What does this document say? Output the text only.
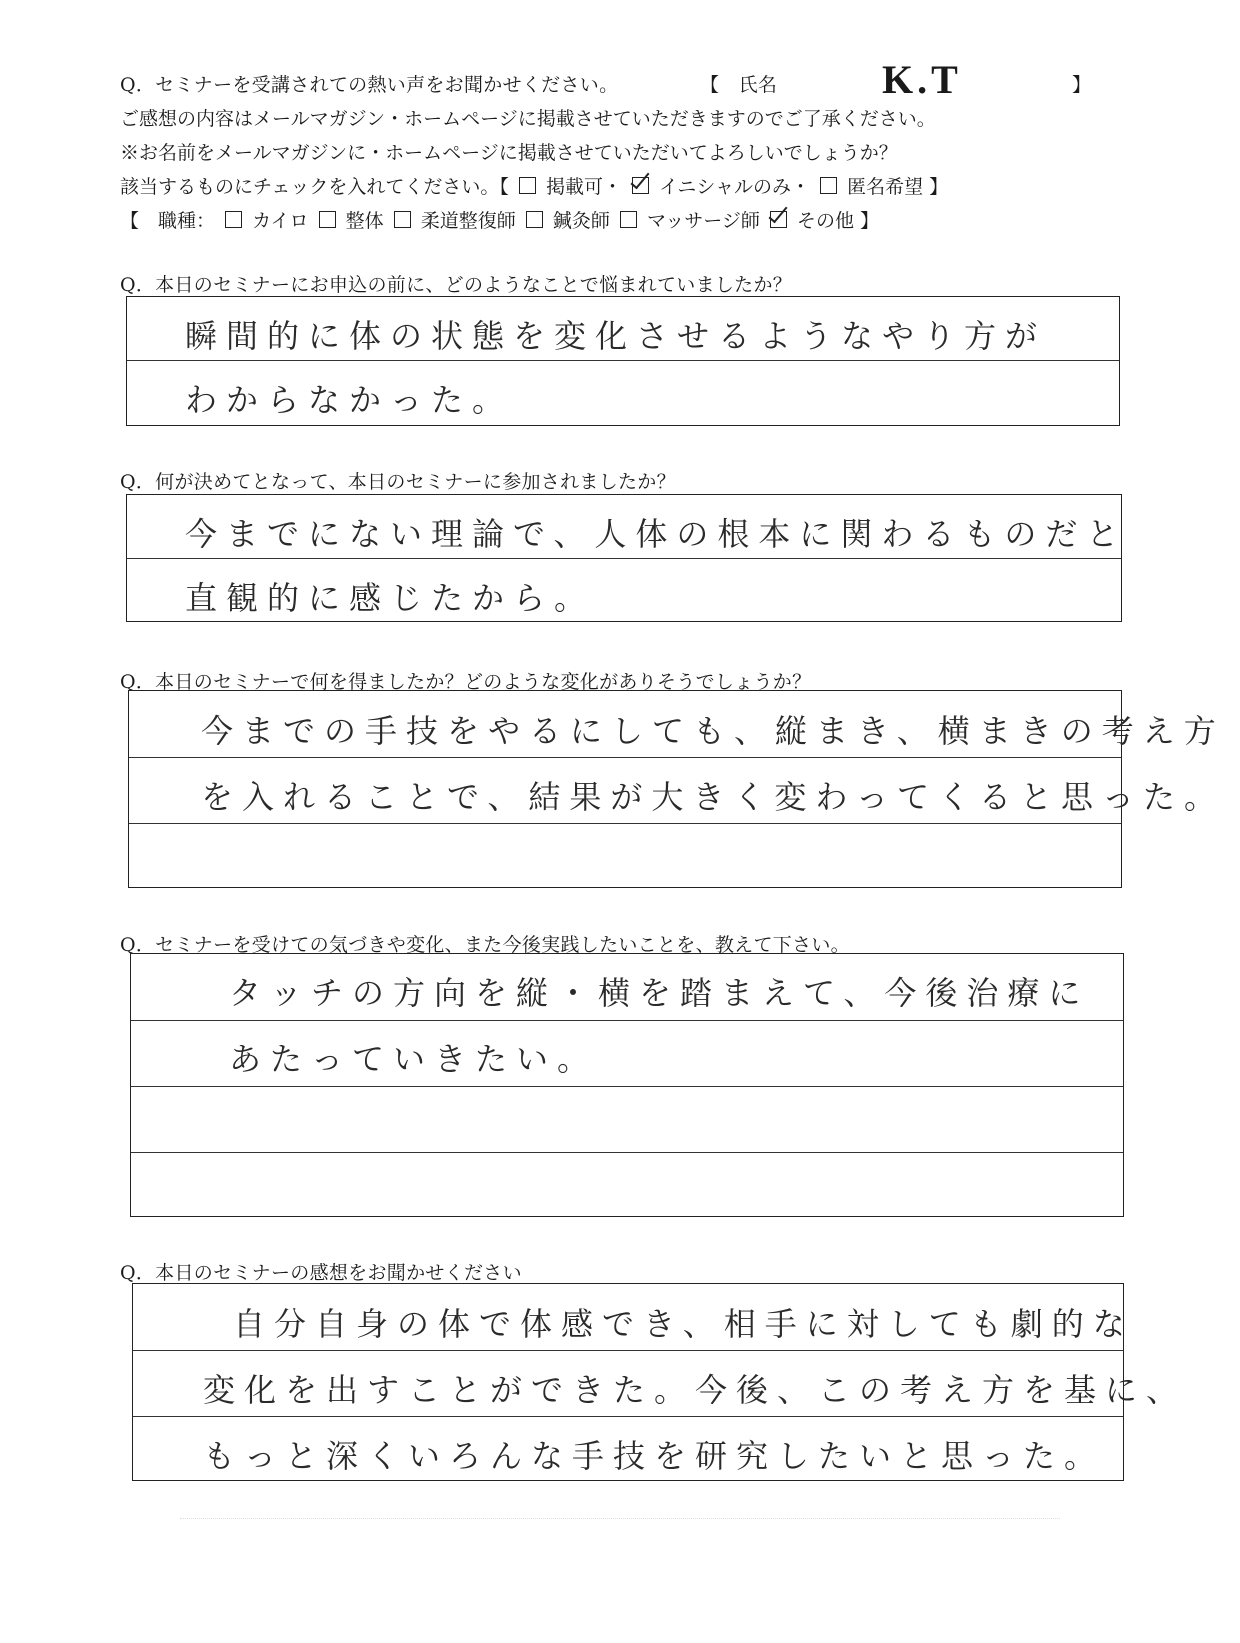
Q．セミナーを受講されての熱い声をお聞かせください。	【　氏名	K.T	】
ご感想の内容はメールマガジン・ホームページに掲載させていただきますのでご了承ください。
※お名前をメールマガジンに・ホームページに掲載させていただいてよろしいでしょうか？
該当するものにチェックを入れてください。【 掲載可・ イニシャルのみ・ 匿名希望 】
【　職種： カイロ 整体 柔道整復師 鍼灸師 マッサージ師 その他 】
Q．本日のセミナーにお申込の前に、どのようなことで悩まれていましたか？
瞬間的に体の状態を変化させるようなやり方が
わからなかった。
Q．何が決めてとなって、本日のセミナーに参加されましたか？
今までにない理論で、人体の根本に関わるものだと
直観的に感じたから。
Q．本日のセミナーで何を得ましたか？どのような変化がありそうでしょうか？
今までの手技をやるにしても、縦まき、横まきの考え方
を入れることで、結果が大きく変わってくると思った。
Q．セミナーを受けての気づきや変化、また今後実践したいことを、教えて下さい。
タッチの方向を縦・横を踏まえて、今後治療に
あたっていきたい。
Q．本日のセミナーの感想をお聞かせください
自分自身の体で体感でき、相手に対しても劇的な
変化を出すことができた。今後、この考え方を基に、
もっと深くいろんな手技を研究したいと思った。
